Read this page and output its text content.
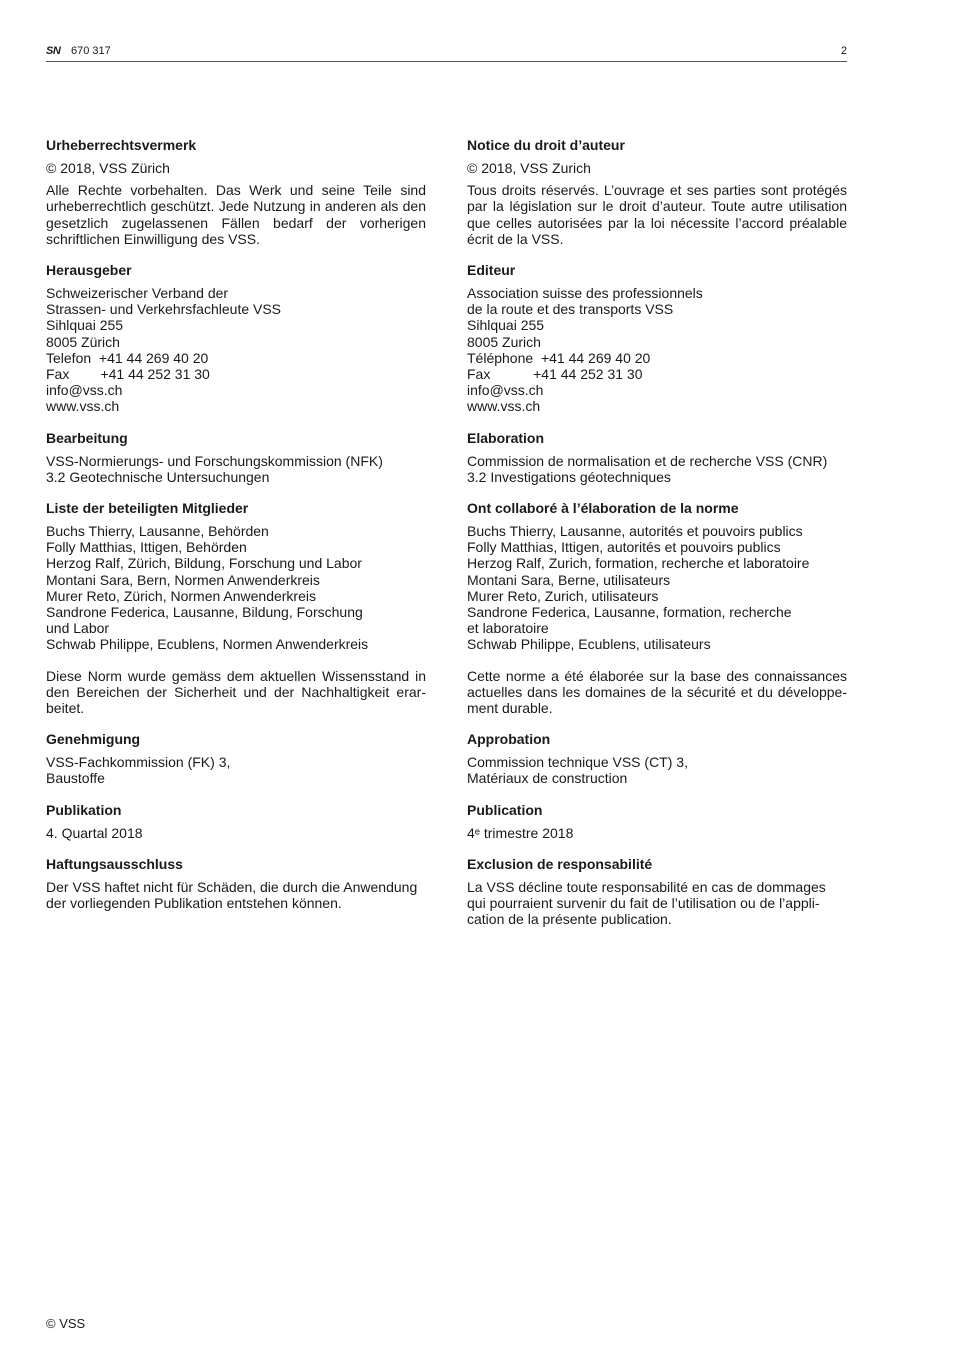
SN 670 317	2
Urheberrechtsvermerk

© 2018, VSS Zürich

Alle Rechte vorbehalten. Das Werk und seine Teile sind urheberrechtlich geschützt. Jede Nutzung in anderen als den gesetzlich zugelassenen Fällen bedarf der vorherigen schriftlichen Einwilligung des VSS.

Herausgeber
Schweizerischer Verband der
Strassen- und Verkehrsfachleute VSS
Sihlquai 255
8005 Zürich
Telefon  +41 44 269 40 20
Fax        +41 44 252 31 30
info@vss.ch
www.vss.ch
Bearbeitung
VSS-Normierungs- und Forschungskommission (NFK)
3.2 Geotechnische Untersuchungen
Liste der beteiligten Mitglieder
Buchs Thierry, Lausanne, Behörden
Folly Matthias, Ittigen, Behörden
Herzog Ralf, Zürich, Bildung, Forschung und Labor
Montani Sara, Bern, Normen Anwenderkreis
Murer Reto, Zürich, Normen Anwenderkreis
Sandrone Federica, Lausanne, Bildung, Forschung
und Labor
Schwab Philippe, Ecublens, Normen Anwenderkreis

Diese Norm wurde gemäss dem aktuellen Wissensstand in den Bereichen der Sicherheit und der Nachhaltigkeit erar-beitet.

Genehmigung
VSS-Fachkommission (FK) 3,
Baustoffe
Publikation

4. Quartal 2018

Haftungsausschluss

Der VSS haftet nicht für Schäden, die durch die Anwendung der vorliegenden Publikation entstehen können.

Notice du droit d’auteur

© 2018, VSS Zurich

Tous droits réservés. L’ouvrage et ses parties sont protégés par la législation sur le droit d’auteur. Toute autre utilisation que celles autorisées par la loi nécessite l’accord préalable écrit de la VSS.

Editeur
Association suisse des professionnels
de la route et des transports VSS
Sihlquai 255
8005 Zurich
Téléphone  +41 44 269 40 20
Fax           +41 44 252 31 30
info@vss.ch
www.vss.ch
Elaboration
Commission de normalisation et de recherche VSS (CNR)
3.2 Investigations géotechniques
Ont collaboré à l’élaboration de la norme
Buchs Thierry, Lausanne, autorités et pouvoirs publics
Folly Matthias, Ittigen, autorités et pouvoirs publics
Herzog Ralf, Zurich, formation, recherche et laboratoire
Montani Sara, Berne, utilisateurs
Murer Reto, Zurich, utilisateurs
Sandrone Federica, Lausanne, formation, recherche
et laboratoire
Schwab Philippe, Ecublens, utilisateurs

Cette norme a été élaborée sur la base des connaissances actuelles dans les domaines de la sécurité et du développe-ment durable.

Approbation
Commission technique VSS (CT) 3,
Matériaux de construction
Publication

4ᵉ trimestre 2018

Exclusion de responsabilité

La VSS décline toute responsabilité en cas de dommages qui pourraient survenir du fait de l’utilisation ou de l’appli-cation de la présente publication.

© VSS
